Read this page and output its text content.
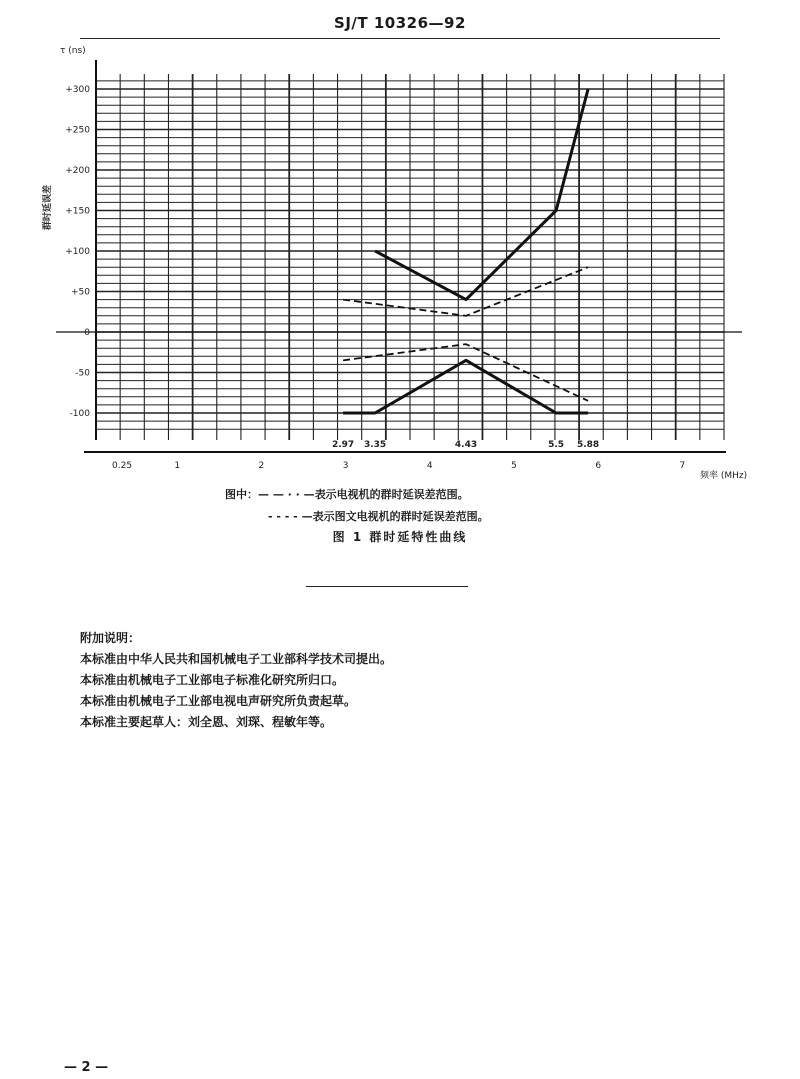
SJ/T 10326—92
+300
+250
+200
+150
+100
+50
0
-50
-100
τ (ns)
群时延误差
0.25	1	2	3	4	5	6	7
2.97 3.35	4.43	5.5 5.88
频率 (MHz)
图中：— — · · —表示电视机的群时延误差范围。
- - - - —表示图文电视机的群时延误差范围。
图 1 群时延特性曲线
附加说明：
本标准由中华人民共和国机械电子工业部科学技术司提出。
本标准由机械电子工业部电子标准化研究所归口。
本标准由机械电子工业部电视电声研究所负责起草。
本标准主要起草人：刘全恩、刘琛、程敏年等。
— 2 —
